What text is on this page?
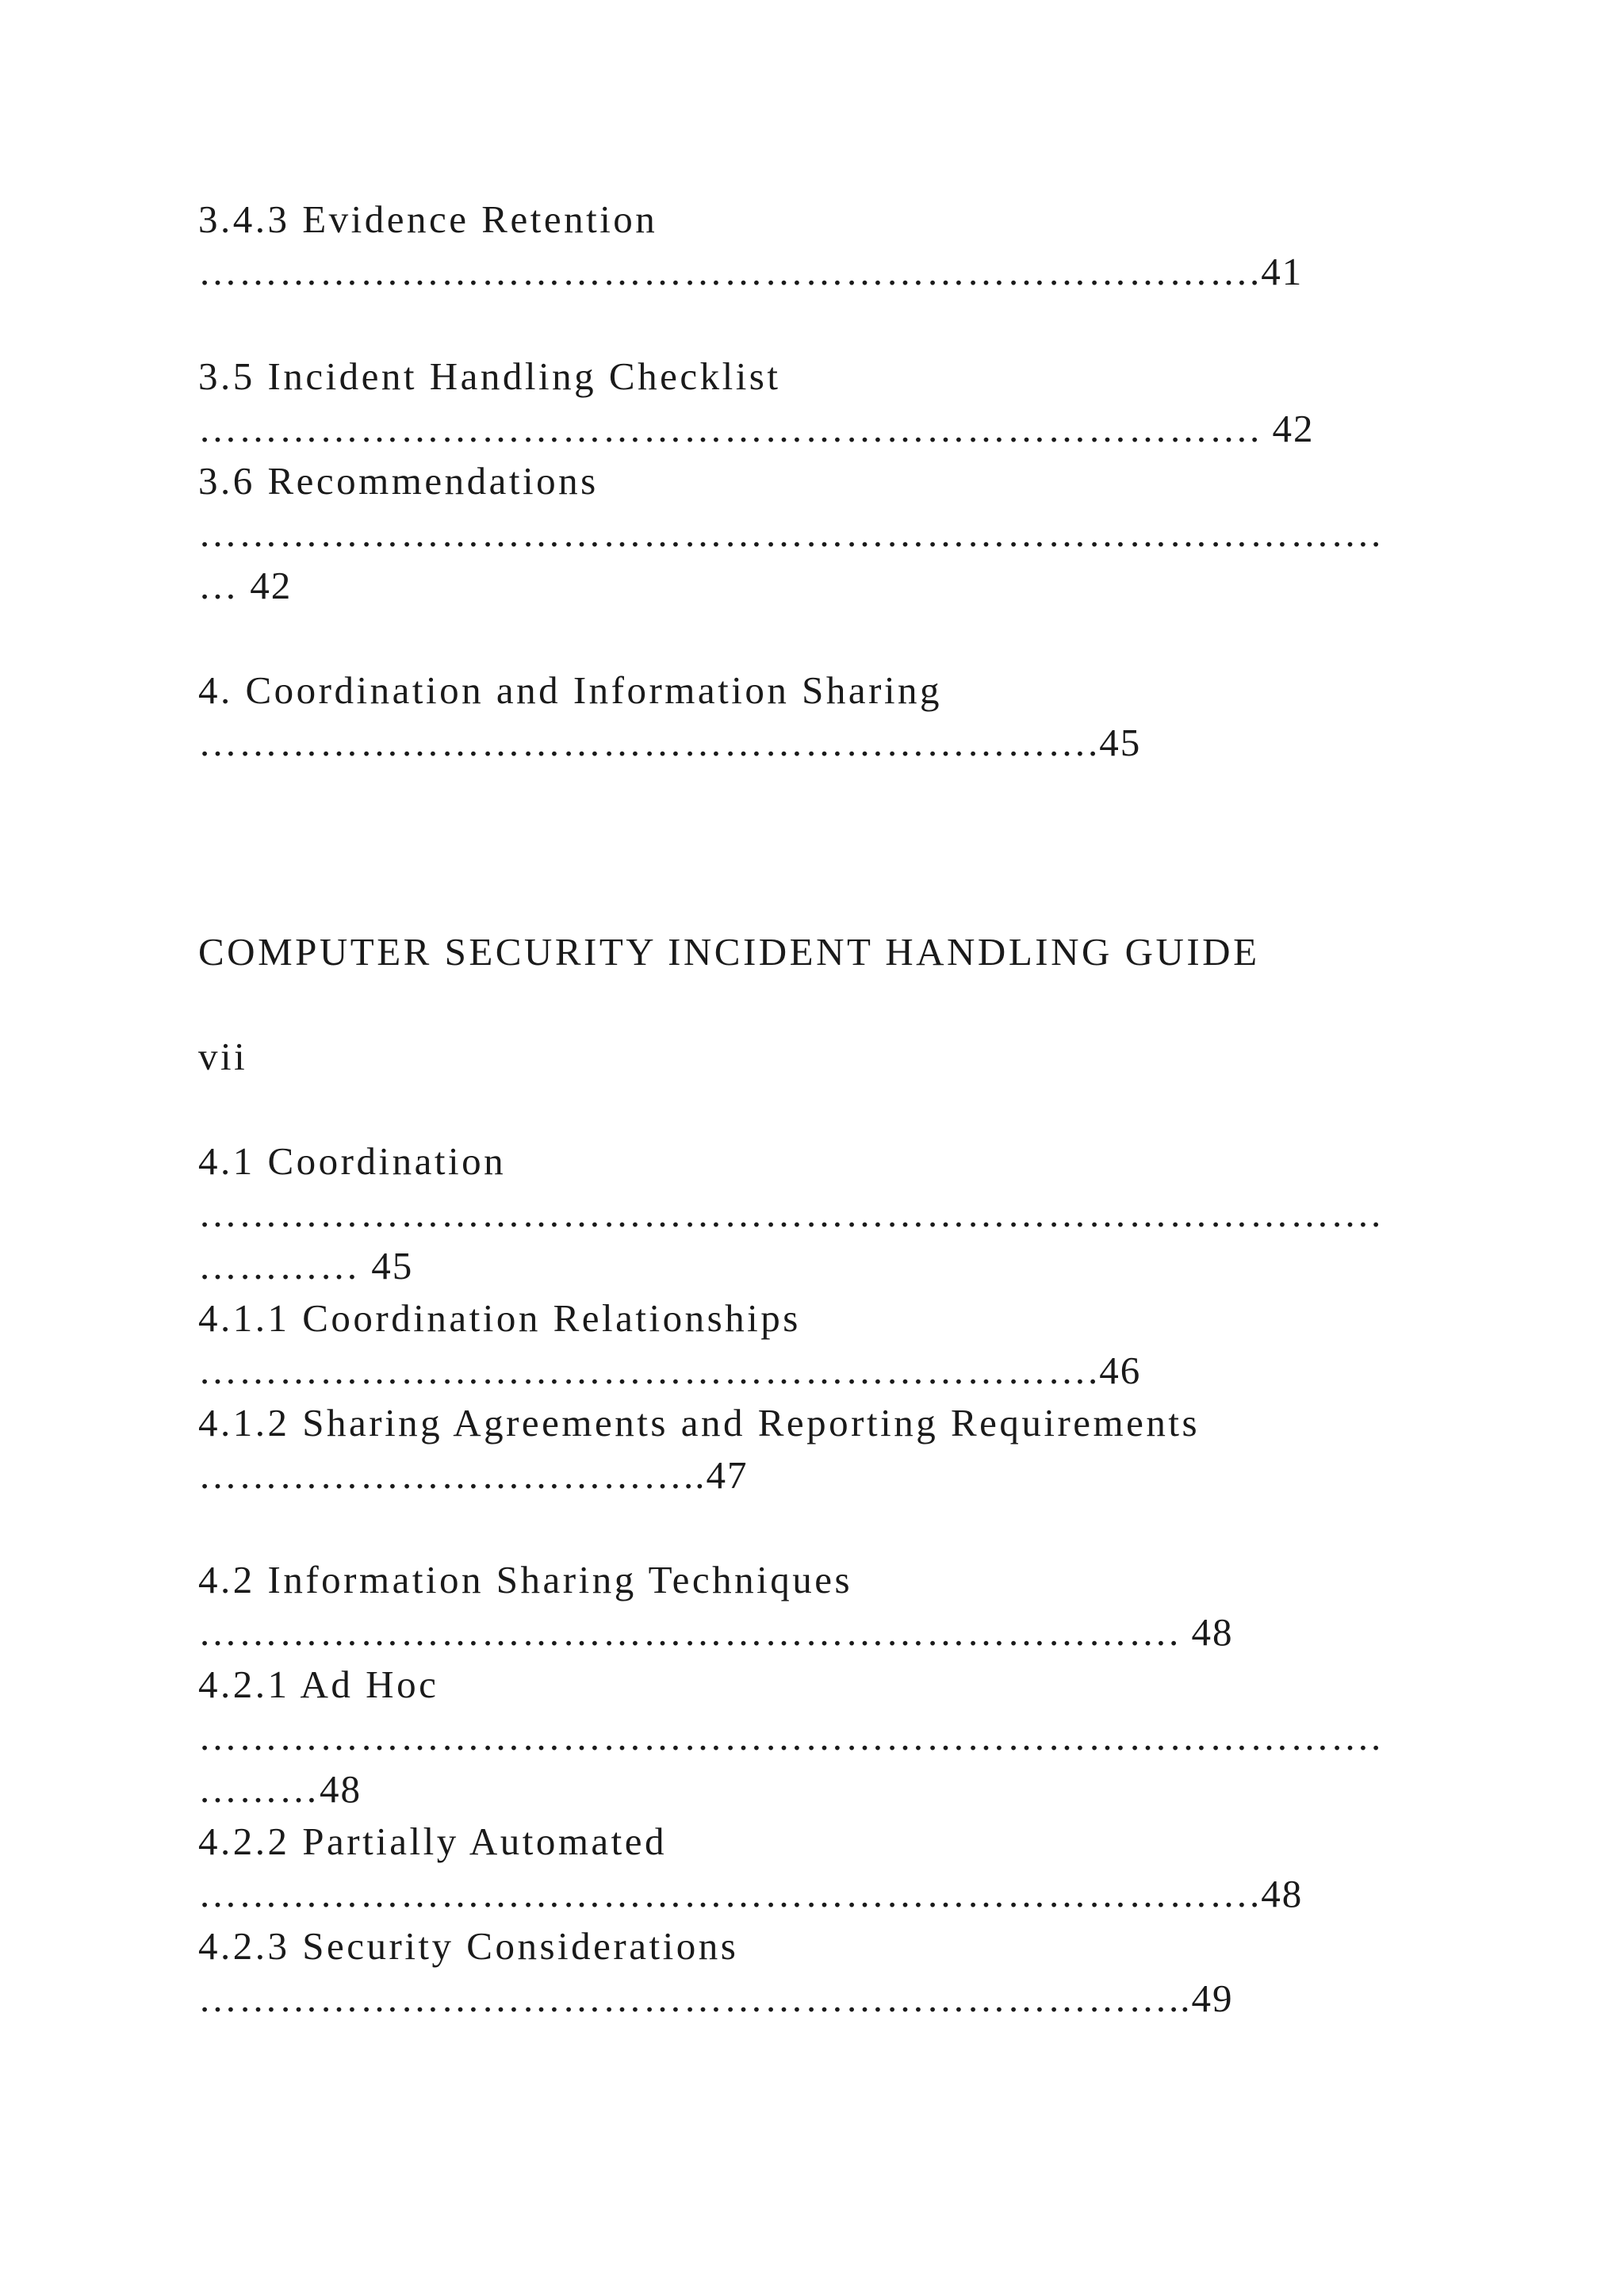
3.4.3 Evidence Retention
…………………………………………………………………….41
3.5 Incident Handling Checklist
……………………………………………………………………. 42
3.6 Recommendations
…………………………………………………………………………….
… 42
4. Coordination and Information Sharing
………………………………………………………….45
COMPUTER SECURITY INCIDENT HANDLING GUIDE
vii
4.1 Coordination
…………………………………………………………………………….
………… 45
4.1.1 Coordination Relationships
………………………………………………………….46
4.1.2 Sharing Agreements and Reporting Requirements
………………………………..47
4.2 Information Sharing Techniques
………………………………………………………………. 48
4.2.1 Ad Hoc
…………………………………………………………………………….
………48
4.2.2 Partially Automated
…………………………………………………………………….48
4.2.3 Security Considerations
………………………………………………………………..49
